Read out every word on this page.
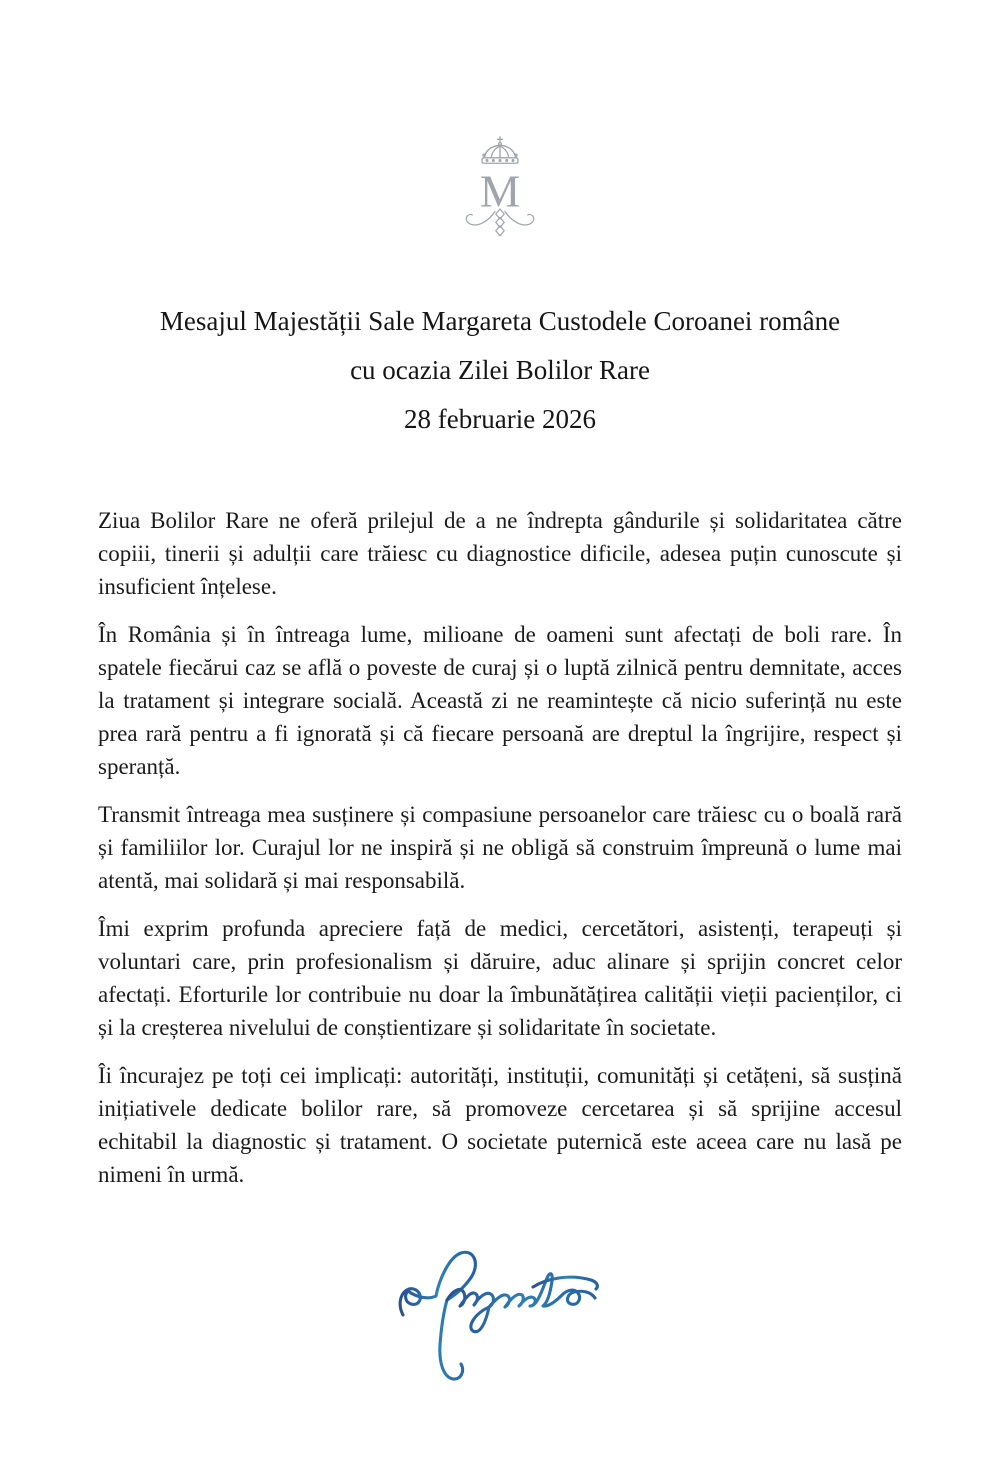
M
Mesajul Majestății Sale Margareta Custodele Coroanei române
cu ocazia Zilei Bolilor Rare
28 februarie 2026

Ziua Bolilor Rare ne oferă prilejul de a ne îndrepta gândurile și solidaritatea către copiii, tinerii și adulții care trăiesc cu diagnostice dificile, adesea puțin cunoscute și insuficient înțelese.

În România și în întreaga lume, milioane de oameni sunt afectați de boli rare. În spatele fiecărui caz se află o poveste de curaj și o luptă zilnică pentru demnitate, acces la tratament și integrare socială. Această zi ne reamintește că nicio suferință nu este prea rară pentru a fi ignorată și că fiecare persoană are dreptul la îngrijire, respect și speranță.

Transmit întreaga mea susținere și compasiune persoanelor care trăiesc cu o boală rară și familiilor lor. Curajul lor ne inspiră și ne obligă să construim împreună o lume mai atentă, mai solidară și mai responsabilă.

Îmi exprim profunda apreciere față de medici, cercetători, asistenți, terapeuți și voluntari care, prin profesionalism și dăruire, aduc alinare și sprijin concret celor afectați. Eforturile lor contribuie nu doar la îmbunătățirea calității vieții pacienților, ci și la creșterea nivelului de conștientizare și solidaritate în societate.

Îi încurajez pe toți cei implicați: autorități, instituții, comunități și cetățeni, să susțină inițiativele dedicate bolilor rare, să promoveze cercetarea și să sprijine accesul echitabil la diagnostic și tratament. O societate puternică este aceea care nu lasă pe nimeni în urmă.
